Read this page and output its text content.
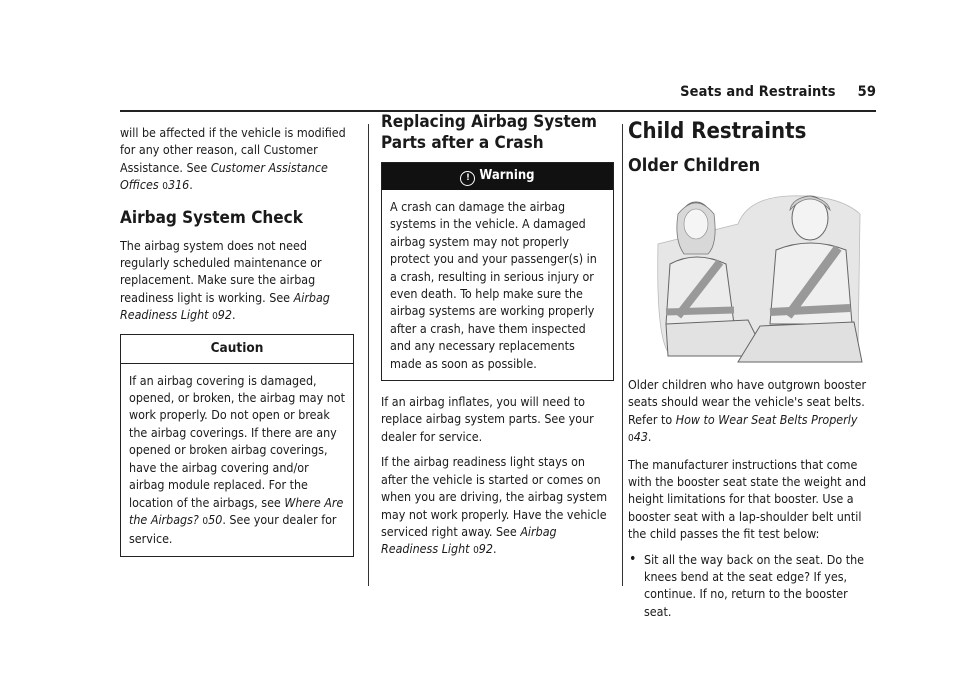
Seats and Restraints 59

will be affected if the vehicle is modified for any other reason, call Customer Assistance. See Customer Assistance Offices 0316.

Airbag System Check

The airbag system does not need regularly scheduled maintenance or replacement. Make sure the airbag readiness light is working. See Airbag Readiness Light 092.

Caution
If an airbag covering is damaged, opened, or broken, the airbag may not work properly. Do not open or break the airbag coverings. If there are any opened or broken airbag coverings, have the airbag covering and/or airbag module replaced. For the location of the airbags, see Where Are the Airbags? 050. See your dealer for service.
Replacing Airbag System Parts after a Crash
! Warning
A crash can damage the airbag systems in the vehicle. A damaged airbag system may not properly protect you and your passenger(s) in a crash, resulting in serious injury or even death. To help make sure the airbag systems are working properly after a crash, have them inspected and any necessary replacements made as soon as possible.

If an airbag inflates, you will need to replace airbag system parts. See your dealer for service.

If the airbag readiness light stays on after the vehicle is started or comes on when you are driving, the airbag system may not work properly. Have the vehicle serviced right away. See Airbag Readiness Light 092.

Child Restraints
Older Children

Older children who have outgrown booster seats should wear the vehicle's seat belts. Refer to How to Wear Seat Belts Properly 043.

The manufacturer instructions that come with the booster seat state the weight and height limitations for that booster. Use a booster seat with a lap-shoulder belt until the child passes the fit test below:

• Sit all the way back on the seat. Do the knees bend at the seat edge? If yes, continue. If no, return to the booster seat.
